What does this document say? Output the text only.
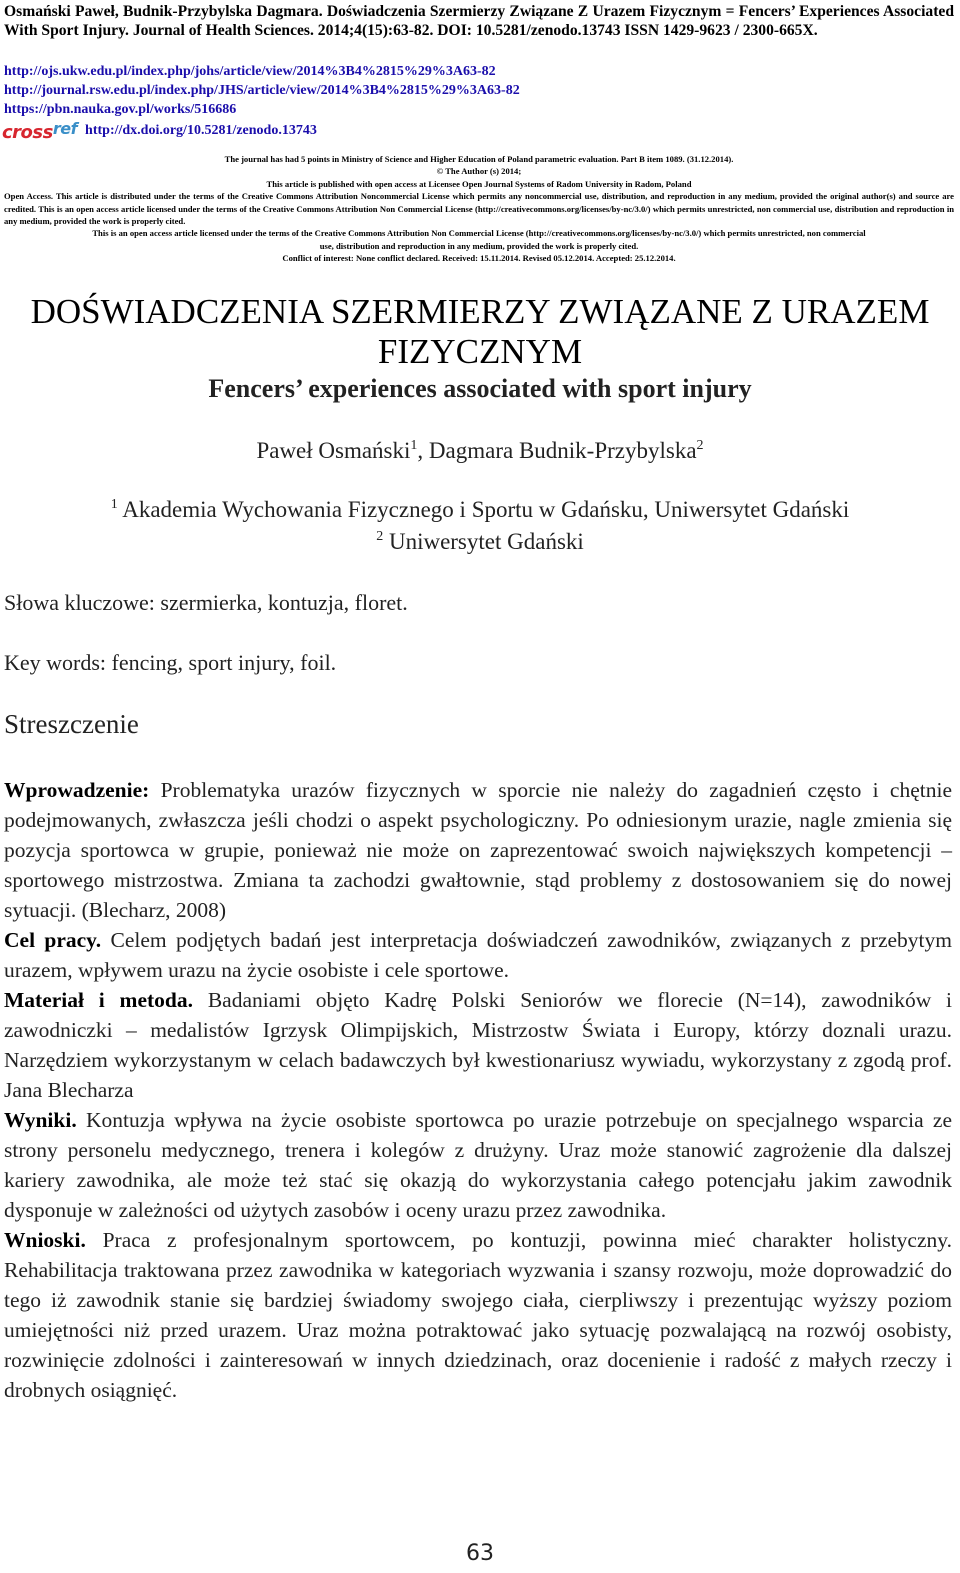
Osmański Paweł, Budnik-Przybylska Dagmara. Doświadczenia Szermierzy Związane Z Urazem Fizycznym = Fencers’ Experiences Associated With Sport Injury. Journal of Health Sciences. 2014;4(15):63-82. DOI: 10.5281/zenodo.13743 ISSN 1429-9623 / 2300-665X.
http://ojs.ukw.edu.pl/index.php/johs/article/view/2014%3B4%2815%29%3A63-82
http://journal.rsw.edu.pl/index.php/JHS/article/view/2014%3B4%2815%29%3A63-82
https://pbn.nauka.gov.pl/works/516686
crossref http://dx.doi.org/10.5281/zenodo.13743
The journal has had 5 points in Ministry of Science and Higher Education of Poland parametric evaluation. Part B item 1089. (31.12.2014).
© The Author (s) 2014;
This article is published with open access at Licensee Open Journal Systems of Radom University in Radom, Poland
Open Access. This article is distributed under the terms of the Creative Commons Attribution Noncommercial License which permits any noncommercial use, distribution, and reproduction in any medium, provided the original author(s) and source are credited. This is an open access article licensed under the terms of the Creative Commons Attribution Non Commercial License (http://creativecommons.org/licenses/by-nc/3.0/) which permits unrestricted, non commercial use, distribution and reproduction in any medium, provided the work is properly cited.
This is an open access article licensed under the terms of the Creative Commons Attribution Non Commercial License (http://creativecommons.org/licenses/by-nc/3.0/) which permits unrestricted, non commercial
use, distribution and reproduction in any medium, provided the work is properly cited.
Conflict of interest: None conflict declared. Received: 15.11.2014. Revised 05.12.2014. Accepted: 25.12.2014.
DOŚWIADCZENIA SZERMIERZY ZWIĄZANE Z URAZEM FIZYCZNYM
Fencers’ experiences associated with sport injury
Paweł Osmański$^1$, Dagmara Budnik-Przybylska$^2$
$^1$ Akademia Wychowania Fizycznego i Sportu w Gdańsku, Uniwersytet Gdański
$^2$ Uniwersytet Gdański
Słowa kluczowe: szermierka, kontuzja, floret.
Key words: fencing, sport injury, foil.
Streszczenie

Wprowadzenie: Problematyka urazów fizycznych w sporcie nie należy do zagadnień często i chętnie podejmowanych, zwłaszcza jeśli chodzi o aspekt psychologiczny. Po odniesionym urazie, nagle zmienia się pozycja sportowca w grupie, ponieważ nie może on zaprezentować swoich największych kompetencji – sportowego mistrzostwa. Zmiana ta zachodzi gwałtownie, stąd problemy z dostosowaniem się do nowej sytuacji. (Blecharz, 2008)

Cel pracy. Celem podjętych badań jest interpretacja doświadczeń zawodników, związanych z przebytym urazem, wpływem urazu na życie osobiste i cele sportowe.

Materiał i metoda. Badaniami objęto Kadrę Polski Seniorów we florecie (N=14), zawodników i zawodniczki – medalistów Igrzysk Olimpijskich, Mistrzostw Świata i Europy, którzy doznali urazu. Narzędziem wykorzystanym w celach badawczych był kwestionariusz wywiadu, wykorzystany z zgodą prof. Jana Blecharza

Wyniki. Kontuzja wpływa na życie osobiste sportowca po urazie potrzebuje on specjalnego wsparcia ze strony personelu medycznego, trenera i kolegów z drużyny. Uraz może stanowić zagrożenie dla dalszej kariery zawodnika, ale może też stać się okazją do wykorzystania całego potencjału jakim zawodnik dysponuje w zależności od użytych zasobów i oceny urazu przez zawodnika.

Wnioski. Praca z profesjonalnym sportowcem, po kontuzji, powinna mieć charakter holistyczny. Rehabilitacja traktowana przez zawodnika w kategoriach wyzwania i szansy rozwoju, może doprowadzić do tego iż zawodnik stanie się bardziej świadomy swojego ciała, cierpliwszy i prezentując wyższy poziom umiejętności niż przed urazem. Uraz można potraktować jako sytuację pozwalającą na rozwój osobisty, rozwinięcie zdolności i zainteresowań w innych dziedzinach, oraz docenienie i radość z małych rzeczy i drobnych osiągnięć.

63
